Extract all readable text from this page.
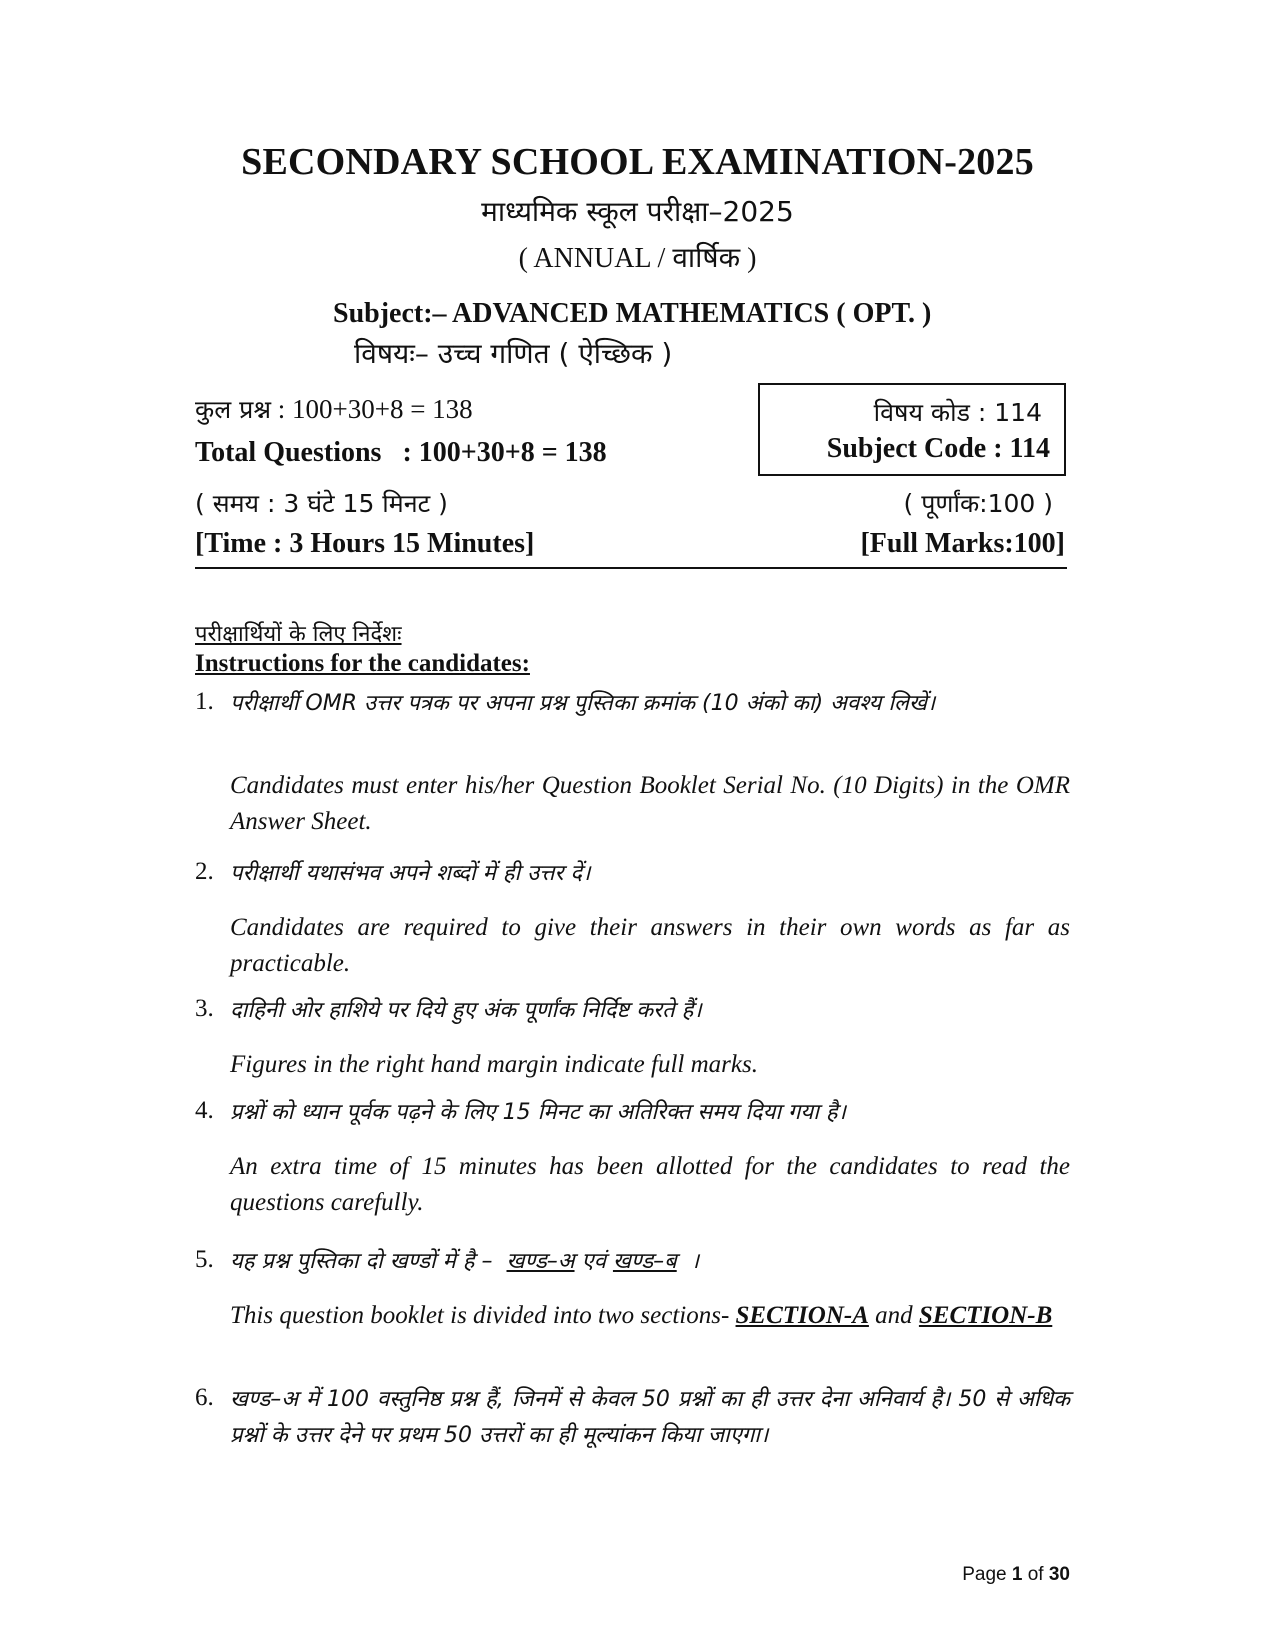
SECONDARY SCHOOL EXAMINATION-2025
माध्यमिक स्कूल परीक्षा–2025
( ANNUAL / वार्षिक )
Subject:– ADVANCED MATHEMATICS ( OPT. )
विषयः– उच्च गणित ( ऐच्छिक )
कुल प्रश्न : 100+30+8 = 138
Total Questions : 100+30+8 = 138
विषय कोड : 114
Subject Code : 114
( समय : 3 घंटे 15 मिनट )	( पूर्णांक:100 )
[Time : 3 Hours 15 Minutes]	[Full Marks:100]
परीक्षार्थियों के लिए निर्देशः
Instructions for the candidates:
1. परीक्षार्थी OMR उत्तर पत्रक पर अपना प्रश्न पुस्तिका क्रमांक (10 अंको का) अवश्य लिखें।
Candidates must enter his/her Question Booklet Serial No. (10 Digits) in the OMR Answer Sheet.
2. परीक्षार्थी यथासंभव अपने शब्दों में ही उत्तर दें।
Candidates are required to give their answers in their own words as far as practicable.
3. दाहिनी ओर हाशिये पर दिये हुए अंक पूर्णांक निर्दिष्ट करते हैं।
Figures in the right hand margin indicate full marks.
4. प्रश्नों को ध्यान पूर्वक पढ़ने के लिए 15 मिनट का अतिरिक्त समय दिया गया है।
An extra time of 15 minutes has been allotted for the candidates to read the questions carefully.
5. यह प्रश्न पुस्तिका दो खण्डों में है – खण्ड–अ एवं खण्ड–ब ।
This question booklet is divided into two sections- SECTION-A and SECTION-B
6. खण्ड–अ में 100 वस्तुनिष्ठ प्रश्न हैं, जिनमें से केवल 50 प्रश्नों का ही उत्तर देना अनिवार्य है। 50 से अधिक प्रश्नों के उत्तर देने पर प्रथम 50 उत्तरों का ही मूल्यांकन किया जाएगा।
Page 1 of 30
